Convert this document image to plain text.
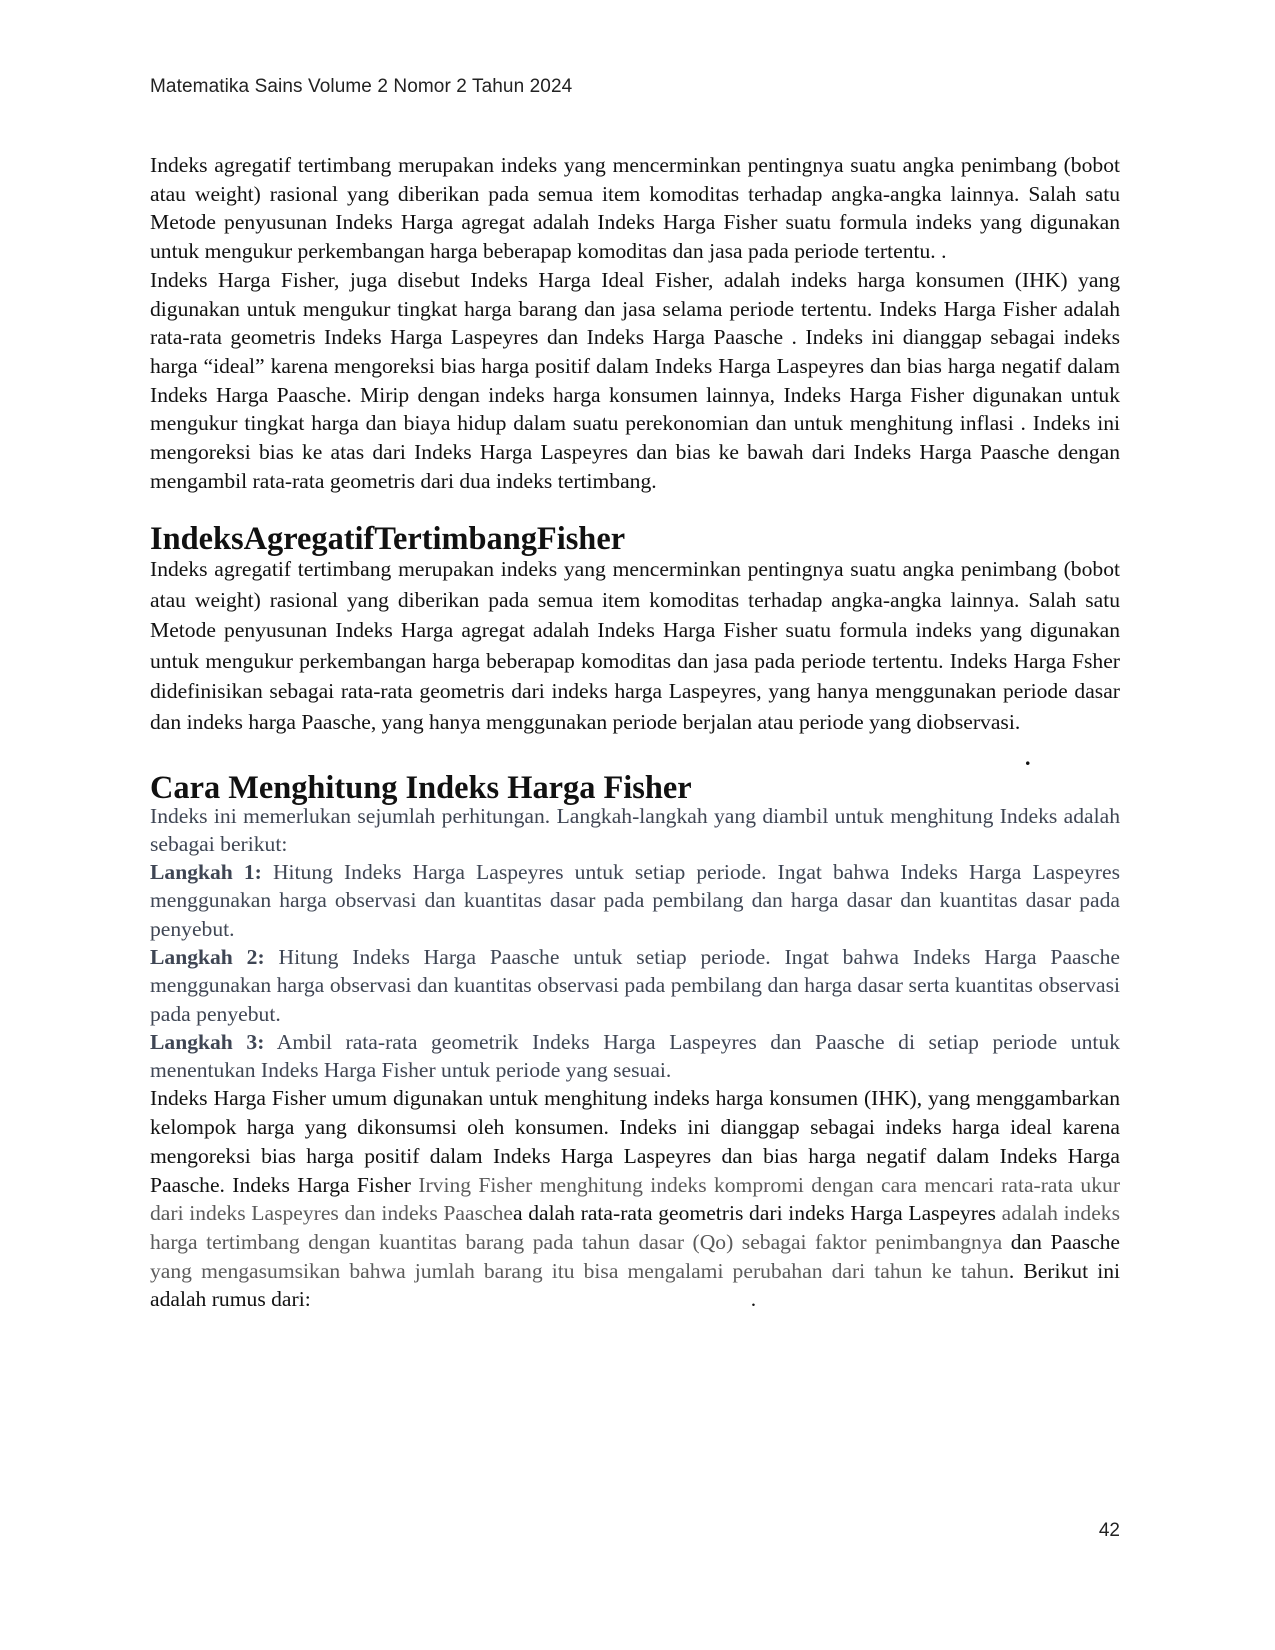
Matematika Sains Volume 2 Nomor 2 Tahun 2024

Indeks agregatif tertimbang merupakan indeks yang mencerminkan pentingnya suatu angka penimbang (bobot atau weight) rasional yang diberikan pada semua item komoditas terhadap angka-angka lainnya. Salah satu Metode penyusunan Indeks Harga agregat adalah Indeks Harga Fisher suatu formula indeks yang digunakan untuk mengukur perkembangan harga beberapap komoditas dan jasa pada periode tertentu. .

Indeks Harga Fisher, juga disebut Indeks Harga Ideal Fisher, adalah indeks harga konsumen (IHK) yang digunakan untuk mengukur tingkat harga barang dan jasa selama periode tertentu. Indeks Harga Fisher adalah rata-rata geometris Indeks Harga Laspeyres dan Indeks Harga Paasche . Indeks ini dianggap sebagai indeks harga “ideal” karena mengoreksi bias harga positif dalam Indeks Harga Laspeyres dan bias harga negatif dalam Indeks Harga Paasche. Mirip dengan indeks harga konsumen lainnya, Indeks Harga Fisher digunakan untuk mengukur tingkat harga dan biaya hidup dalam suatu perekonomian dan untuk menghitung inflasi . Indeks ini mengoreksi bias ke atas dari Indeks Harga Laspeyres dan bias ke bawah dari Indeks Harga Paasche dengan mengambil rata-rata geometris dari dua indeks tertimbang.

IndeksAgregatifTertimbangFisher

Indeks agregatif tertimbang merupakan indeks yang mencerminkan pentingnya suatu angka penimbang (bobot atau weight) rasional yang diberikan pada semua item komoditas terhadap angka-angka lainnya. Salah satu Metode penyusunan Indeks Harga agregat adalah Indeks Harga Fisher suatu formula indeks yang digunakan untuk mengukur perkembangan harga beberapap komoditas dan jasa pada periode tertentu. Indeks Harga Fsher didefinisikan sebagai rata-rata geometris dari indeks harga Laspeyres, yang hanya menggunakan periode dasar dan indeks harga Paasche, yang hanya menggunakan periode berjalan atau periode yang diobservasi.

.
Cara Menghitung Indeks Harga Fisher

Indeks ini memerlukan sejumlah perhitungan. Langkah-langkah yang diambil untuk menghitung Indeks adalah sebagai berikut:

Langkah 1: Hitung Indeks Harga Laspeyres untuk setiap periode. Ingat bahwa Indeks Harga Laspeyres menggunakan harga observasi dan kuantitas dasar pada pembilang dan harga dasar dan kuantitas dasar pada penyebut.

Langkah 2: Hitung Indeks Harga Paasche untuk setiap periode. Ingat bahwa Indeks Harga Paasche menggunakan harga observasi dan kuantitas observasi pada pembilang dan harga dasar serta kuantitas observasi pada penyebut.

Langkah 3: Ambil rata-rata geometrik Indeks Harga Laspeyres dan Paasche di setiap periode untuk menentukan Indeks Harga Fisher untuk periode yang sesuai.

Indeks Harga Fisher umum digunakan untuk menghitung indeks harga konsumen (IHK), yang menggambarkan kelompok harga yang dikonsumsi oleh konsumen. Indeks ini dianggap sebagai indeks harga ideal karena mengoreksi bias harga positif dalam Indeks Harga Laspeyres dan bias harga negatif dalam Indeks Harga Paasche. Indeks Harga Fisher Irving Fisher menghitung indeks kompromi dengan cara mencari rata-rata ukur dari indeks Laspeyres dan indeks Paaschea dalah rata-rata geometris dari indeks Harga Laspeyres adalah indeks harga tertimbang dengan kuantitas barang pada tahun dasar (Qo) sebagai faktor penimbangnya dan Paasche yang mengasumsikan bahwa jumlah barang itu bisa mengalami perubahan dari tahun ke tahun. Berikut ini adalah rumus dari:	.

42
